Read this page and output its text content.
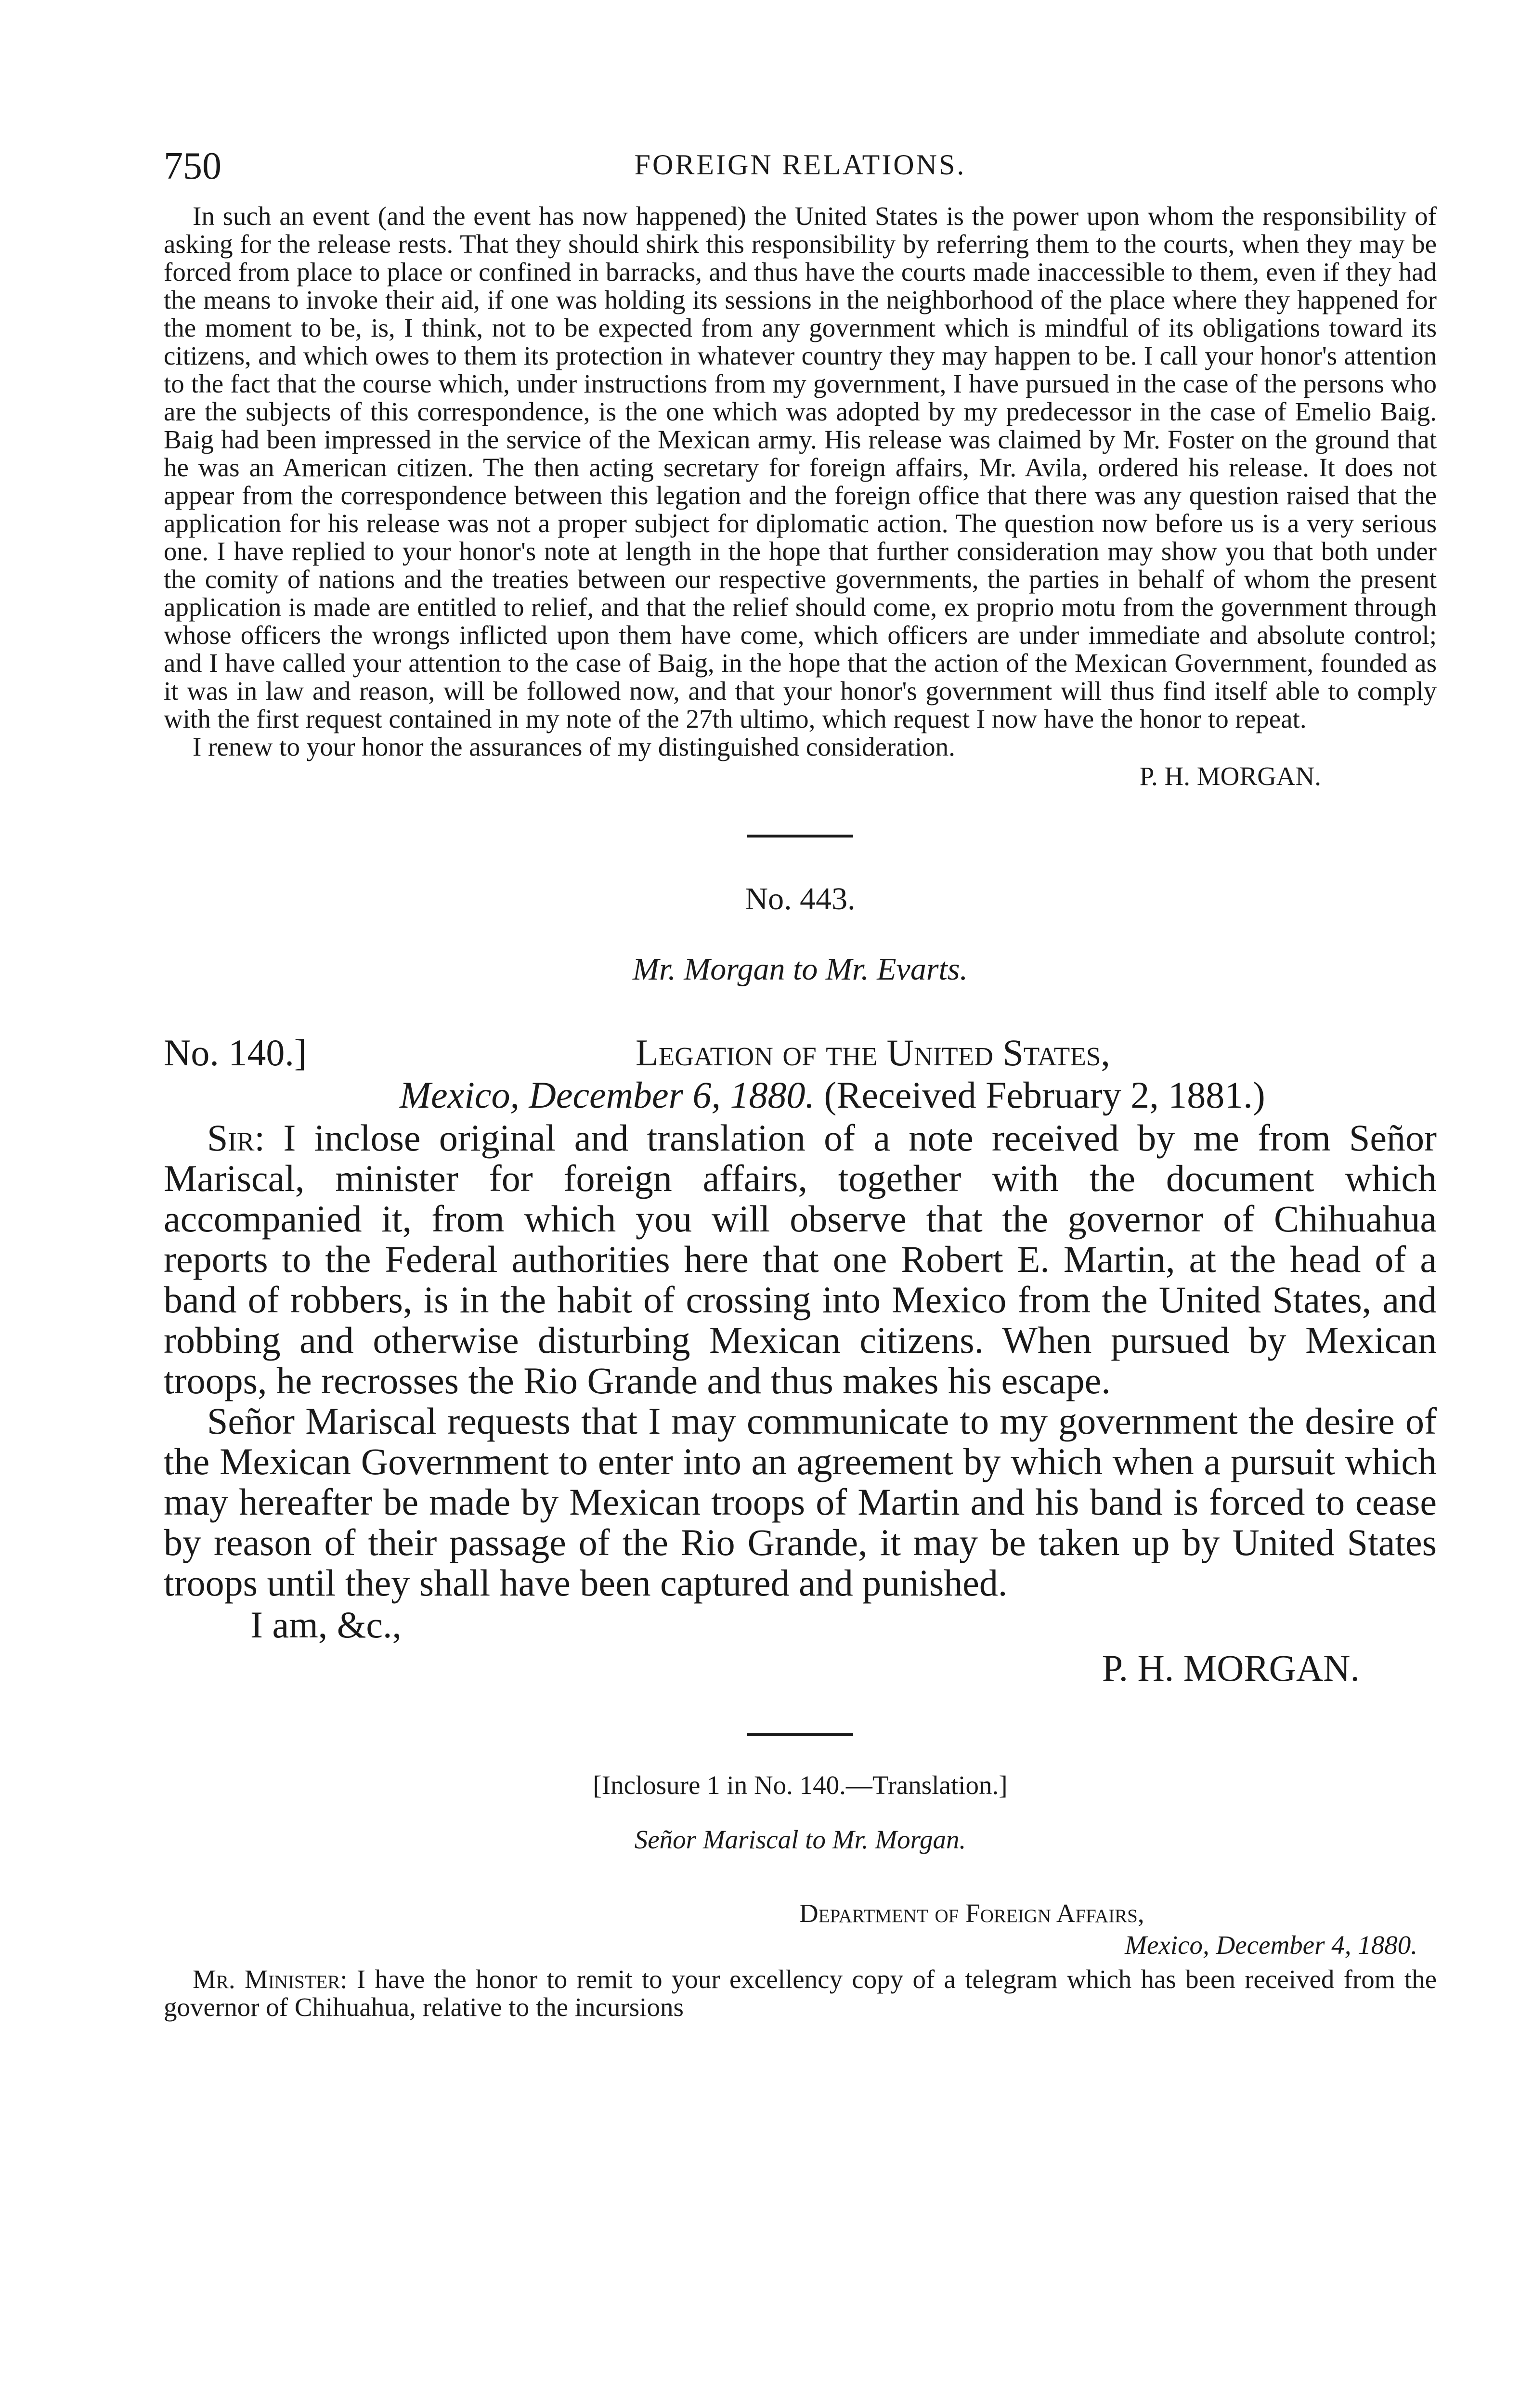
750	FOREIGN RELATIONS.

In such an event (and the event has now happened) the United States is the power upon whom the responsibility of asking for the release rests. That they should shirk this responsibility by referring them to the courts, when they may be forced from place to place or confined in barracks, and thus have the courts made inaccessible to them, even if they had the means to invoke their aid, if one was holding its sessions in the neighborhood of the place where they happened for the moment to be, is, I think, not to be expected from any government which is mindful of its obligations toward its citizens, and which owes to them its protection in whatever country they may happen to be. I call your honor's attention to the fact that the course which, under instructions from my government, I have pursued in the case of the persons who are the subjects of this correspondence, is the one which was adopted by my predecessor in the case of Emelio Baig. Baig had been impressed in the service of the Mexican army. His release was claimed by Mr. Foster on the ground that he was an American citizen. The then acting secretary for foreign affairs, Mr. Avila, ordered his release. It does not appear from the correspondence between this legation and the foreign office that there was any question raised that the application for his release was not a proper subject for diplomatic action. The question now before us is a very serious one. I have replied to your honor's note at length in the hope that further consideration may show you that both under the comity of nations and the treaties between our respective governments, the parties in behalf of whom the present application is made are entitled to relief, and that the relief should come, ex proprio motu from the government through whose officers the wrongs inflicted upon them have come, which officers are under immediate and absolute control; and I have called your attention to the case of Baig, in the hope that the action of the Mexican Government, founded as it was in law and reason, will be followed now, and that your honor's government will thus find itself able to comply with the first request contained in my note of the 27th ultimo, which request I now have the honor to repeat.

I renew to your honor the assurances of my distinguished consideration.

P. H. MORGAN.

No. 443.

Mr. Morgan to Mr. Evarts.

No. 140.]	Legation of the United States,
Mexico, December 6, 1880. (Received February 2, 1881.)

Sir: I inclose original and translation of a note received by me from Señor Mariscal, minister for foreign affairs, together with the document which accompanied it, from which you will observe that the governor of Chihuahua reports to the Federal authorities here that one Robert E. Martin, at the head of a band of robbers, is in the habit of crossing into Mexico from the United States, and robbing and otherwise disturbing Mexican citizens. When pursued by Mexican troops, he recrosses the Rio Grande and thus makes his escape.

Señor Mariscal requests that I may communicate to my government the desire of the Mexican Government to enter into an agreement by which when a pursuit which may hereafter be made by Mexican troops of Martin and his band is forced to cease by reason of their passage of the Rio Grande, it may be taken up by United States troops until they shall have been captured and punished.

I am, &c.,

P. H. MORGAN.

[Inclosure 1 in No. 140.—Translation.]

Señor Mariscal to Mr. Morgan.

Department of Foreign Affairs,
Mexico, December 4, 1880.

Mr. Minister: I have the honor to remit to your excellency copy of a telegram which has been received from the governor of Chihuahua, relative to the incursions
